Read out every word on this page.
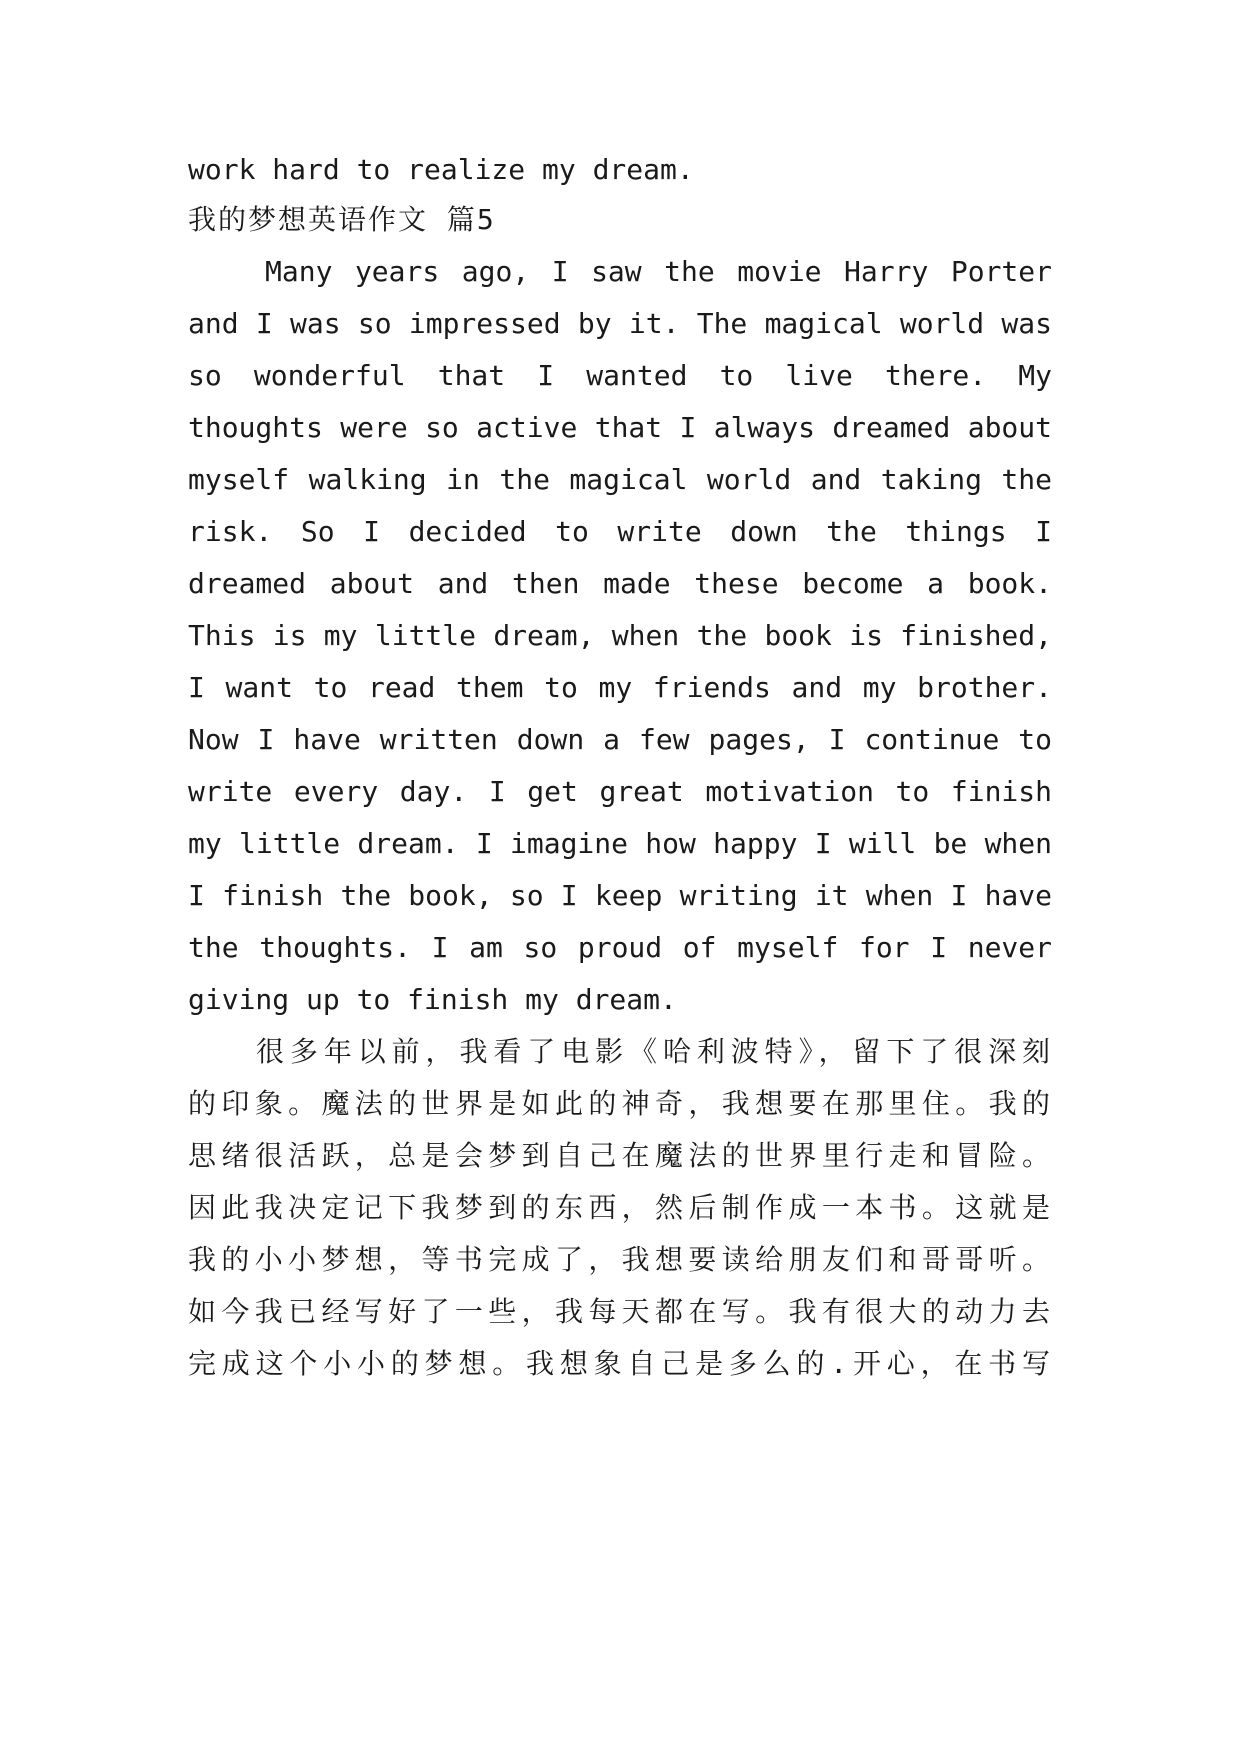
work hard to realize my dream.
我的梦想英语作文 篇5
Many years ago, I saw the movie Harry Porter
and I was so impressed by it. The magical world was
so wonderful that I wanted to live there. My
thoughts were so active that I always dreamed about
myself walking in the magical world and taking the
risk. So I decided to write down the things I
dreamed about and then made these become a book.
This is my little dream, when the book is finished,
I want to read them to my friends and my brother.
Now I have written down a few pages, I continue to
write every day. I get great motivation to finish
my little dream. I imagine how happy I will be when
I finish the book, so I keep writing it when I have
the thoughts. I am so proud of myself for I never
giving up to finish my dream.
很多年以前，我看了电影《哈利波特》，留下了很深刻
的印象。魔法的世界是如此的神奇，我想要在那里住。我的
思绪很活跃，总是会梦到自己在魔法的世界里行走和冒险。
因此我决定记下我梦到的东西，然后制作成一本书。这就是
我的小小梦想，等书完成了，我想要读给朋友们和哥哥听。
如今我已经写好了一些，我每天都在写。我有很大的动力去
完成这个小小的梦想。我想象自己是多么的.开心，在书写
